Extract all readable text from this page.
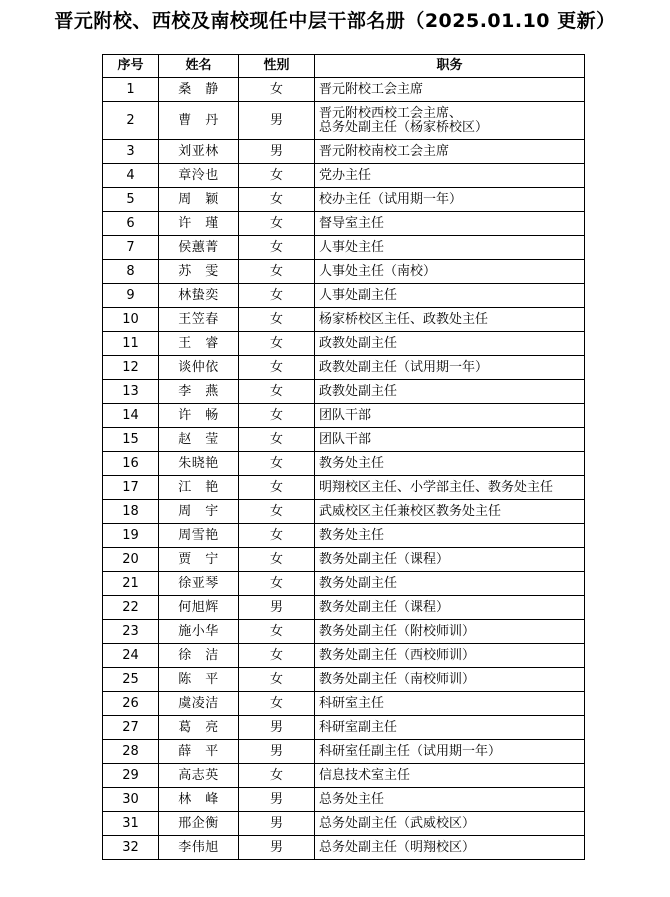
晋元附校、西校及南校现任中层干部名册（2025.01.10 更新）
序号	姓名	性别	职务
1	桑　静	女	晋元附校工会主席
2	曹　丹	男	晋元附校西校工会主席、
总务处副主任（杨家桥校区）
3	刘亚林	男	晋元附校南校工会主席
4	章泠也	女	党办主任
5	周　颖	女	校办主任（试用期一年）
6	许　瑾	女	督导室主任
7	侯蕙菁	女	人事处主任
8	苏　雯	女	人事处主任（南校）
9	林蛰奕	女	人事处副主任
10	王笠春	女	杨家桥校区主任、政教处主任
11	王　睿	女	政教处副主任
12	谈仲依	女	政教处副主任（试用期一年）
13	李　燕	女	政教处副主任
14	许　畅	女	团队干部
15	赵　莹	女	团队干部
16	朱晓艳	女	教务处主任
17	江　艳	女	明翔校区主任、小学部主任、教务处主任
18	周　宇	女	武威校区主任兼校区教务处主任
19	周雪艳	女	教务处主任
20	贾　宁	女	教务处副主任（课程）
21	徐亚琴	女	教务处副主任
22	何旭辉	男	教务处副主任（课程）
23	施小华	女	教务处副主任（附校师训）
24	徐　洁	女	教务处副主任（西校师训）
25	陈　平	女	教务处副主任（南校师训）
26	虞凌洁	女	科研室主任
27	葛　亮	男	科研室副主任
28	薛　平	男	科研室任副主任（试用期一年）
29	高志英	女	信息技术室主任
30	林　峰	男	总务处主任
31	邢企衡	男	总务处副主任（武威校区）
32	李伟旭	男	总务处副主任（明翔校区）
